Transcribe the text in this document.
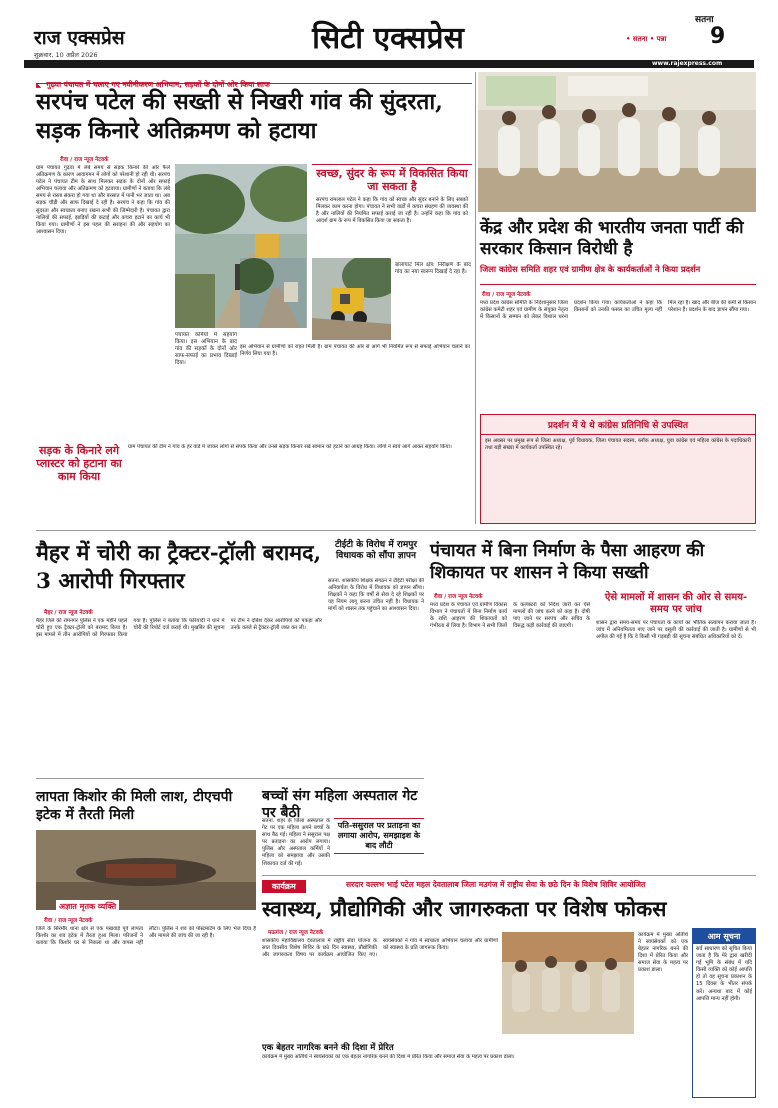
राज एक्सप्रेस
शुक्रवार, 10 अप्रैल 2026	सिटी एक्सप्रेस
सतना
• सतना • पन्ना 9
www.rajexpress.com
◣ गुढ़वा पंचायत में चलाए गए नवीनीकरण अभियान, सड़कों के दोनों ओर किया साफ
सरपंच पटेल की सख्ती से निखरी गांव की सुंदरता, सड़क किनारे अतिक्रमण को हटाया
रीवा / राज न्यूज नेटवर्क
ग्राम पंचायत गुढ़वा में लंबे समय से सड़क किनारे की ओर फैले अतिक्रमण के कारण आवागमन में लोगों को परेशानी हो रही थी। सरपंच पटेल ने पंचायत टीम के साथ मिलकर सड़क के दोनों ओर सफाई अभियान चलाया और अतिक्रमण को हटवाया। ग्रामीणों ने बताया कि लंबे समय से रास्ता संकरा हो गया था और बरसात में पानी भर जाता था। अब सड़क चौड़ी और साफ दिखाई दे रही है। सरपंच ने कहा कि गांव की सुंदरता और स्वच्छता बनाए रखना सभी की जिम्मेदारी है। पंचायत द्वारा नालियों की सफाई, झाड़ियों की कटाई और कचरा हटाने का कार्य भी किया गया। ग्रामीणों ने इस पहल की सराहना की और सहयोग का आश्वासन दिया।
पंचायत कर्मियों में सहयोग किया। इस अभियान के बाद गांव की सड़कों के दोनों ओर साफ-सफाई का प्रभाव दिखाई दिया।
बालाघाट मिल क्षेत्र: निरीक्षण के बाद गांव का नया स्वरूप दिखाई दे रहा है।
इस अभियान से ग्रामीणों को राहत मिली है। ग्राम पंचायत की ओर से आगे भी नियमित रूप से सफाई अभियान चलाने का निर्णय लिया गया है।
स्वच्छ, सुंदर के रूप में विकसित किया जा सकता है
सरपंच रामलाल पटेल ने कहा कि गांव को स्वच्छ और सुंदर बनाने के लिए सबको मिलकर काम करना होगा। पंचायत ने सभी वार्डों में कचरा संग्रहण की व्यवस्था की है और नालियों की नियमित सफाई कराई जा रही है। उन्होंने कहा कि गांव को आदर्श ग्राम के रूप में विकसित किया जा सकता है।
सड़क के किनारे लगे प्लास्टर को हटाना का काम किया
ग्राम पंचायत की टीम ने गांव के हर वार्ड में जाकर लोगों से संपर्क किया और उनसे सड़क किनारे रखे सामान को हटाने का आग्रह किया। लोगों ने स्वयं आगे आकर सहयोग किया।
केंद्र और प्रदेश की भारतीय जनता पार्टी की सरकार किसान विरोधी है
जिला कांग्रेस समिति शहर एवं ग्रामीण क्षेत्र के कार्यकर्ताओं ने किया प्रदर्शन
रीवा / राज न्यूज नेटवर्क
मध्य प्रदेश कांग्रेस समिति के निर्देशानुसार जिला कांग्रेस कमेटी शहर एवं ग्रामीण के संयुक्त नेतृत्व में किसानों के सम्मान को लेकर विशाल धरना प्रदर्शन किया गया। कार्यकर्ताओं ने कहा कि किसानों को उनकी फसल का उचित मूल्य नहीं मिल रहा है। खाद और बीज की कमी से किसान परेशान हैं। प्रदर्शन के बाद ज्ञापन सौंपा गया।
प्रदर्शन में ये थे कांग्रेस प्रतिनिधि से उपस्थित
इस अवसर पर प्रमुख रूप से जिला अध्यक्ष, पूर्व विधायक, जिला पंचायत सदस्य, ब्लॉक अध्यक्ष, युवा कांग्रेस एवं महिला कांग्रेस के पदाधिकारी तथा बड़ी संख्या में कार्यकर्ता उपस्थित रहे।
मैहर में चोरी का ट्रैक्टर-ट्रॉली बरामद, 3 आरोपी गिरफ्तार
मैहर / राज न्यूज नेटवर्क
मैहर जिले की रामनगर पुलिस ने एक महीने पहले चोरी हुए एक ट्रैक्टर-ट्रॉली को बरामद किया है। इस मामले में तीन आरोपियों को गिरफ्तार किया गया है। पुलिस ने बताया कि फरियादी ने थाने में चोरी की रिपोर्ट दर्ज कराई थी। मुखबिर की सूचना पर टीम ने दबिश देकर आरोपियों को पकड़ा और उनके कब्जे से ट्रैक्टर-ट्रॉली जब्त कर ली।
टीईटी के विरोध में रामपुर विधायक को सौंपा ज्ञापन
सतना. शासकीय शिक्षक संगठन ने टीईटी परीक्षा की अनिवार्यता के विरोध में विधायक को ज्ञापन सौंपा। शिक्षकों ने कहा कि वर्षों से सेवा दे रहे शिक्षकों पर यह नियम लागू करना उचित नहीं है। विधायक ने मांगों को शासन तक पहुंचाने का आश्वासन दिया।
पंचायत में बिना निर्माण के पैसा आहरण की शिकायत पर शासन ने किया सख्ती
रीवा / राज न्यूज नेटवर्क
मध्य प्रदेश के पंचायत एवं ग्रामीण विकास विभाग ने पंचायतों में बिना निर्माण कार्य के राशि आहरण की शिकायतों को गंभीरता से लिया है। विभाग ने सभी जिलों के कलेक्टरों को निर्देश जारी कर ऐसे मामलों की जांच करने को कहा है। दोषी पाए जाने पर सरपंच और सचिव के विरुद्ध कड़ी कार्रवाई की जाएगी।
ऐसे मामलों में शासन की ओर से समय-समय पर जांच
शासन द्वारा समय-समय पर पंचायतों के कार्यों का भौतिक सत्यापन कराया जाता है। जांच में अनियमितता पाए जाने पर वसूली की कार्रवाई की जाती है। ग्रामीणों से भी अपील की गई है कि वे किसी भी गड़बड़ी की सूचना संबंधित अधिकारियों को दें।
लापता किशोर की मिली लाश, टीएचपी इटेक में तैरती मिली
अज्ञात मृतक व्यक्ति
रीवा / राज न्यूज नेटवर्क
जिले के सिरमौर थाना क्षेत्र से एक पखवाड़े पूर्व लापता किशोर का शव इटेक में तैरता हुआ मिला। परिजनों ने बताया कि किशोर घर से निकला था और वापस नहीं लौटा। पुलिस ने शव को पोस्टमार्टम के लिए भेज दिया है और मामले की जांच की जा रही है।
बच्चों संग महिला अस्पताल गेट पर बैठी
पति-ससुराल पर प्रताड़ना का लगाया आरोप, समझाइश के बाद लौटी
सतना. शहर के जिला अस्पताल के गेट पर एक महिला अपने बच्चों के साथ बैठ गई। महिला ने ससुराल पक्ष पर प्रताड़ना का आरोप लगाया। पुलिस और अस्पताल कर्मियों ने महिला को समझाया और उसकी शिकायत दर्ज की गई।
कार्यक्रम	सरदार वल्लभ भाई पटेल महल देवतालाब जिला मउगंज में राष्ट्रीय सेवा के छठे दिन के विशेष शिविर आयोजित
स्वास्थ्य, प्रौद्योगिकी और जागरुकता पर विशेष फोकस
मऊगंज / राज न्यूज नेटवर्क
शासकीय महाविद्यालय देवतालाब में राष्ट्रीय सेवा योजना के सात दिवसीय विशेष शिविर के छठे दिन स्वास्थ्य, प्रौद्योगिकी और जागरुकता विषय पर कार्यक्रम आयोजित किए गए। स्वयंसेवकों ने गांव में स्वच्छता अभियान चलाया और ग्रामीणों को स्वास्थ्य के प्रति जागरूक किया।
कार्यक्रम में मुख्य अतिथि ने स्वयंसेवकों को एक बेहतर नागरिक बनने की दिशा में प्रेरित किया और समाज सेवा के महत्व पर प्रकाश डाला।
एक बेहतर नागरिक बनने की दिशा में प्रेरित
कार्यक्रम में मुख्य अतिथि ने स्वयंसेवकों को एक बेहतर नागरिक बनने की दिशा में प्रेरित किया और समाज सेवा के महत्व पर प्रकाश डाला।
आम सूचना
सर्व साधारण को सूचित किया जाता है कि मेरे द्वारा खरीदी गई भूमि के संबंध में यदि किसी व्यक्ति को कोई आपत्ति हो तो वह सूचना प्रकाशन के 15 दिवस के भीतर संपर्क करें। अन्यथा बाद में कोई आपत्ति मान्य नहीं होगी।
